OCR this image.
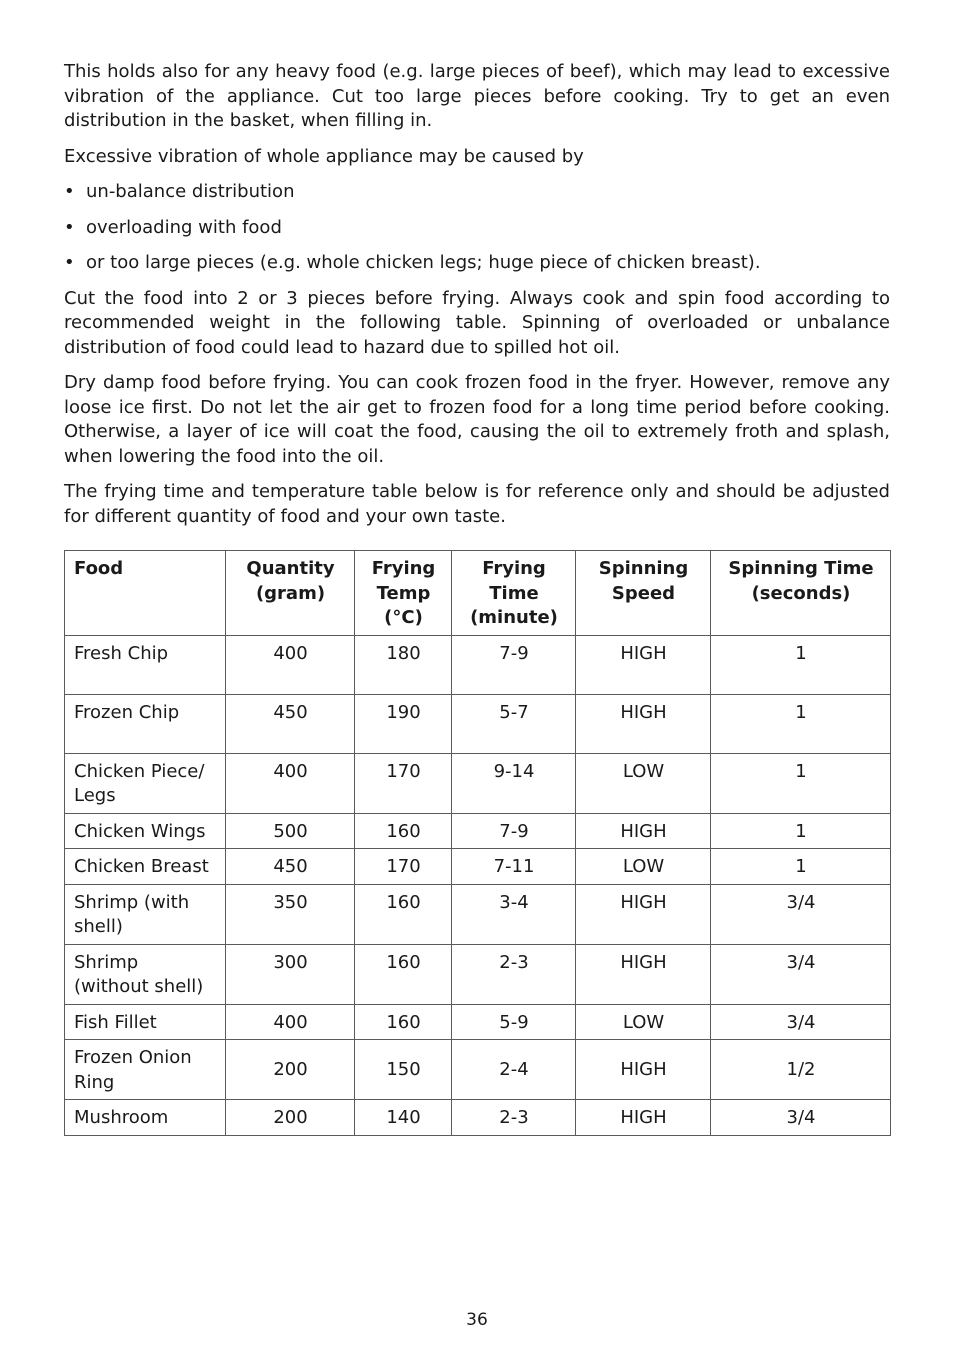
This holds also for any heavy food (e.g. large pieces of beef), which may lead to excessive vibration of the appliance. Cut too large pieces before cooking. Try to get an even distribution in the basket, when filling in.

Excessive vibration of whole appliance may be caused by

• un-balance distribution
• overloading with food
• or too large pieces (e.g. whole chicken legs; huge piece of chicken breast).

Cut the food into 2 or 3 pieces before frying. Always cook and spin food according to recommended weight in the following table. Spinning of overloaded or unbalance distribution of food could lead to hazard due to spilled hot oil.

Dry damp food before frying. You can cook frozen food in the fryer. However, remove any loose ice first. Do not let the air get to frozen food for a long time period before cooking. Otherwise, a layer of ice will coat the food, causing the oil to extremely froth and splash, when lowering the food into the oil.

The frying time and temperature table below is for reference only and should be adjusted for different quantity of food and your own taste.

Food	Quantity (gram)	Frying Temp (°C)	Frying Time (minute)	Spinning Speed	Spinning Time (seconds)
Fresh Chip	400	180	7-9	HIGH	1
Frozen Chip	450	190	5-7	HIGH	1
Chicken Piece/ Legs	400	170	9-14	LOW	1
Chicken Wings	500	160	7-9	HIGH	1
Chicken Breast	450	170	7-11	LOW	1
Shrimp (with shell)	350	160	3-4	HIGH	3/4
Shrimp (without shell)	300	160	2-3	HIGH	3/4
Fish Fillet	400	160	5-9	LOW	3/4
Frozen Onion Ring	200	150	2-4	HIGH	1/2
Mushroom	200	140	2-3	HIGH	3/4
36
